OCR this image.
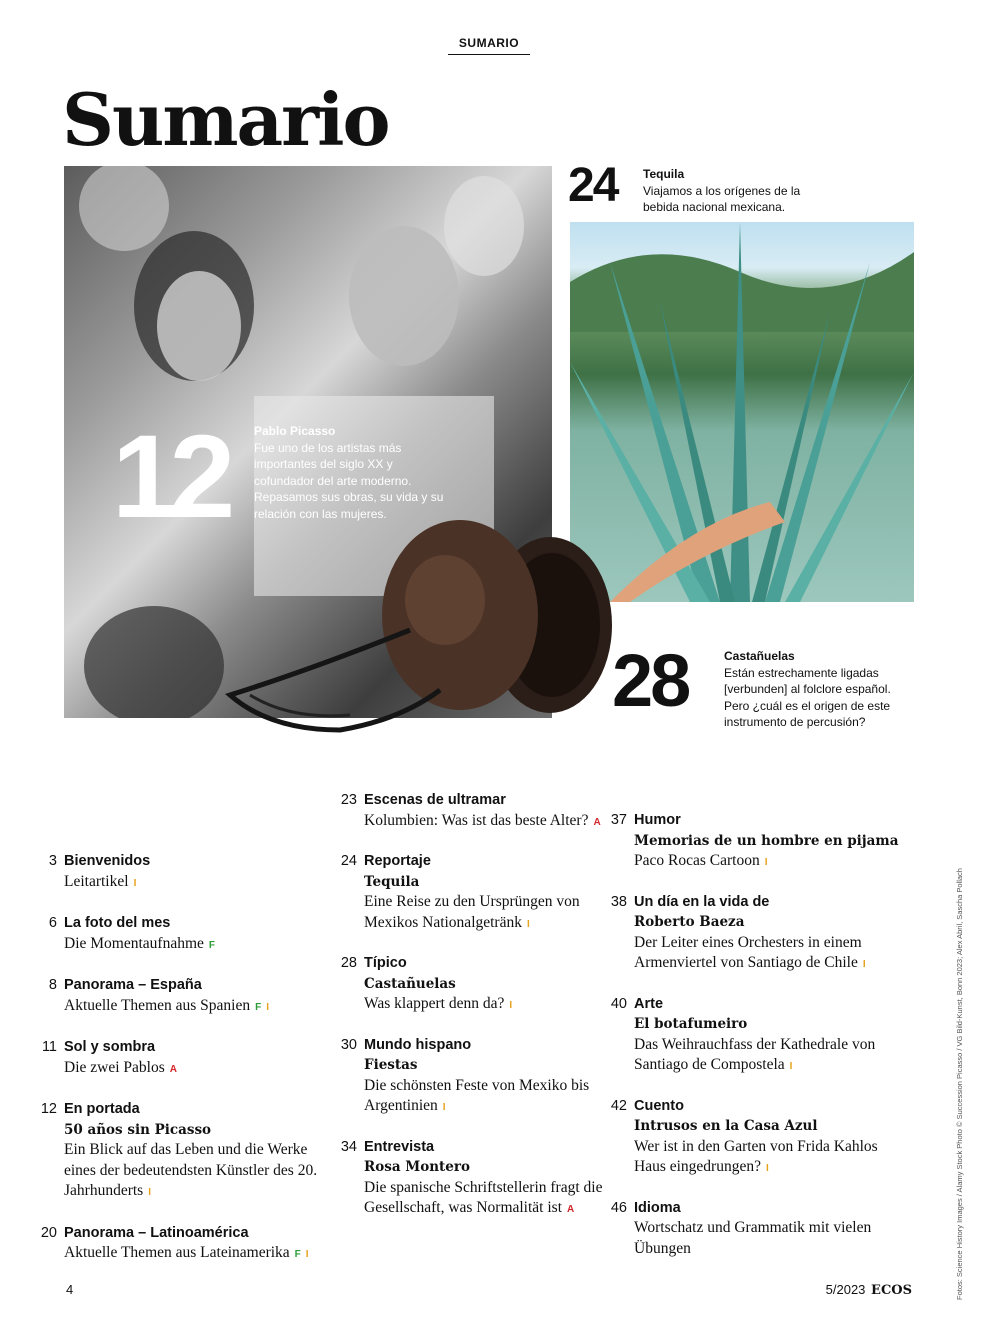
SUMARIO
Sumario
12 Pablo Picasso
Fue uno de los artistas más importantes del siglo XX y cofundador del arte moderno. Repasamos sus obras, su vida y su relación con las mujeres.
24 Tequila
Viajamos a los orígenes de la bebida nacional mexicana.
28	Castañuelas
Están estrechamente ligadas [verbunden] al folclore español. Pero ¿cuál es el origen de este instrumento de percusión?
3 Bienvenidos
Leitartikel I
6 La foto del mes
Die Momentaufnahme F
8 Panorama – España
Aktuelle Themen aus Spanien F I
11 Sol y sombra
Die zwei Pablos A
12 En portada
50 años sin Picasso
Ein Blick auf das Leben und die Werke eines der bedeutendsten Künstler des 20. Jahrhunderts I
20 Panorama – Latinoamérica
Aktuelle Themen aus Lateinamerika F I
23 Escenas de ultramar
Kolumbien: Was ist das beste Alter? A
24 Reportaje
Tequila
Eine Reise zu den Ursprüngen von Mexikos Nationalgetränk I
28 Típico
Castañuelas
Was klappert denn da? I
30 Mundo hispano
Fiestas
Die schönsten Feste von Mexiko bis Argentinien I
34 Entrevista
Rosa Montero
Die spanische Schriftstellerin fragt die Gesellschaft, was Normalität ist A
37 Humor
Memorias de un hombre en pijama
Paco Rocas Cartoon I
38 Un día en la vida de
Roberto Baeza
Der Leiter eines Orchesters in einem Armenviertel von Santiago de Chile I
40 Arte
El botafumeiro
Das Weihrauchfass der Kathedrale von Santiago de Compostela I
42 Cuento
Intrusos en la Casa Azul
Wer ist in den Garten von Frida Kahlos Haus eingedrungen? I
46 Idioma
Wortschatz und Grammatik mit vielen Übungen
4	5/2023 ECOS	Fotos: Science History Images / Alamy Stock Photo © Succession Picasso / VG Bild-Kunst, Bonn 2023; Alex Abril, Sascha Pollach
